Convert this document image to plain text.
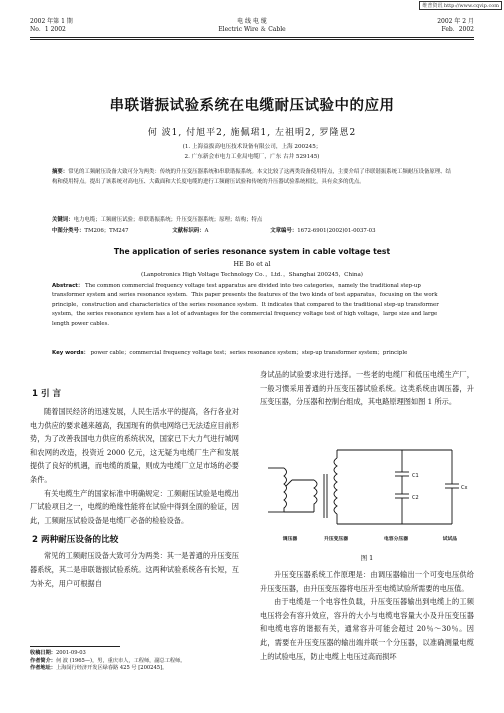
维普资讯 http://www.cqvip.com
2002 年第 1 期
No．1 2002
电 线 电 缆
Electric Wire ＆ Cable
2002 年 2 月
Feb．2002
串联谐振试验系统在电缆耐压试验中的应用
何 波1, 付旭平2, 施佩珺1, 左祖明2, 罗隆恩2
(1. 上海益拔高电压技术设备有限公司，上海 200245；
2. 广东新会市电力工业局电缆厂，广东 古井 529145)
摘要：常见的工频耐压设备大致可分为两类：传统的升压变压器系统和串联谐振系统。本文比较了这两类设备使用特点，主要介绍了串联谐振系统工频耐压设备原理、结构和使用特点。提出了该系统对高电压、大截面和大长度电缆的进行工频耐压试验和传统的升压器试验系统相比，具有众多的优点。
关键词：电力电缆；工频耐压试验；串联谐振系统；升压变压器系统；原理；结构；特点
中图分类号：TM206；TM247	文献标识码：A	文章编号：1672-6901(2002)01-0037-03
The application of series resonance system in cable voltage test
HE Bo et al
(Lanpotronics High Voltage Technology Co．，Ltd．，Shanghai 200245，China)
Abstract： The common commercial frequency voltage test apparatus are divided into two categories，namely the traditional step-up transformer system and series resonance system．This paper presents the features of the two kinds of test apparatus，focusing on the work principle，construction and characteristics of the series resonance system．It indicates that compared to the traditional step-up transformer system，the series resonance system has a lot of advantages for the commercial frequency voltage test of high voltage，large size and large length power cables．
Key words： power cable；commercial frequency voltage test；series resonance system；step-up transformer system；principle
1 引 言
随着国民经济的迅速发展，人民生活水平的提高，各行各业对电力供应的要求越来越高，我国现有的供电网络已无法适应目前形势，为了改善我国电力供应的系统状况，国家已下大力气进行城网和农网的改造，投资近 2000 亿元，这无疑为电缆厂生产和发展提供了良好的机遇，而电缆的质量，则成为电缆厂立足市场的必要条件。
有关电缆生产的国家标准中明确规定：工频耐压试验是电缆出厂试验项目之一，电缆的绝缘性能将在试验中得到全面的验证，因此，工频耐压试验设备是电缆厂必备的检验设备。
2 两种耐压设备的比较
常见的工频耐压设备大致可分为两类：其一是普通的升压变压器系统，其二是串联谐振试验系统。这两种试验系统各有长短，互为补充，用户可根据自
收稿日期：2001-09-03
作者简介：何 波 (1965—)，男，重庆市人，工程师，副总工程师。
作者地址：上海闵行经济开发区绿春路 425 号 [200245]。
身试品的试验要求进行选择。一些老的电缆厂和低压电缆生产厂，一般习惯采用普通的升压变压器试验系统。这类系统由调压器，升压变压器，分压器和控制台组成，其电路原理图如图 1 所示。
C1
C2
Cx
调压器	升压变压器	电容分压器	试试品
图 1
升压变压器系统工作原理是：由调压器输出一个可变电压供给升压变压器，由升压变压器将电压升至电缆试验所需要的电压值。
由于电缆是一个电容性负载，升压变压器输出到电缆上的工频电压将会有容升效应，容升的大小与电缆电容量大小及升压变压器和电缆电容的谐振有关，通常容升可能会超过 20％～30％。因此，需要在升压变压器的输出端并联一个分压器，以准确测量电缆上的试验电压，防止电缆上电压过高而损坏
